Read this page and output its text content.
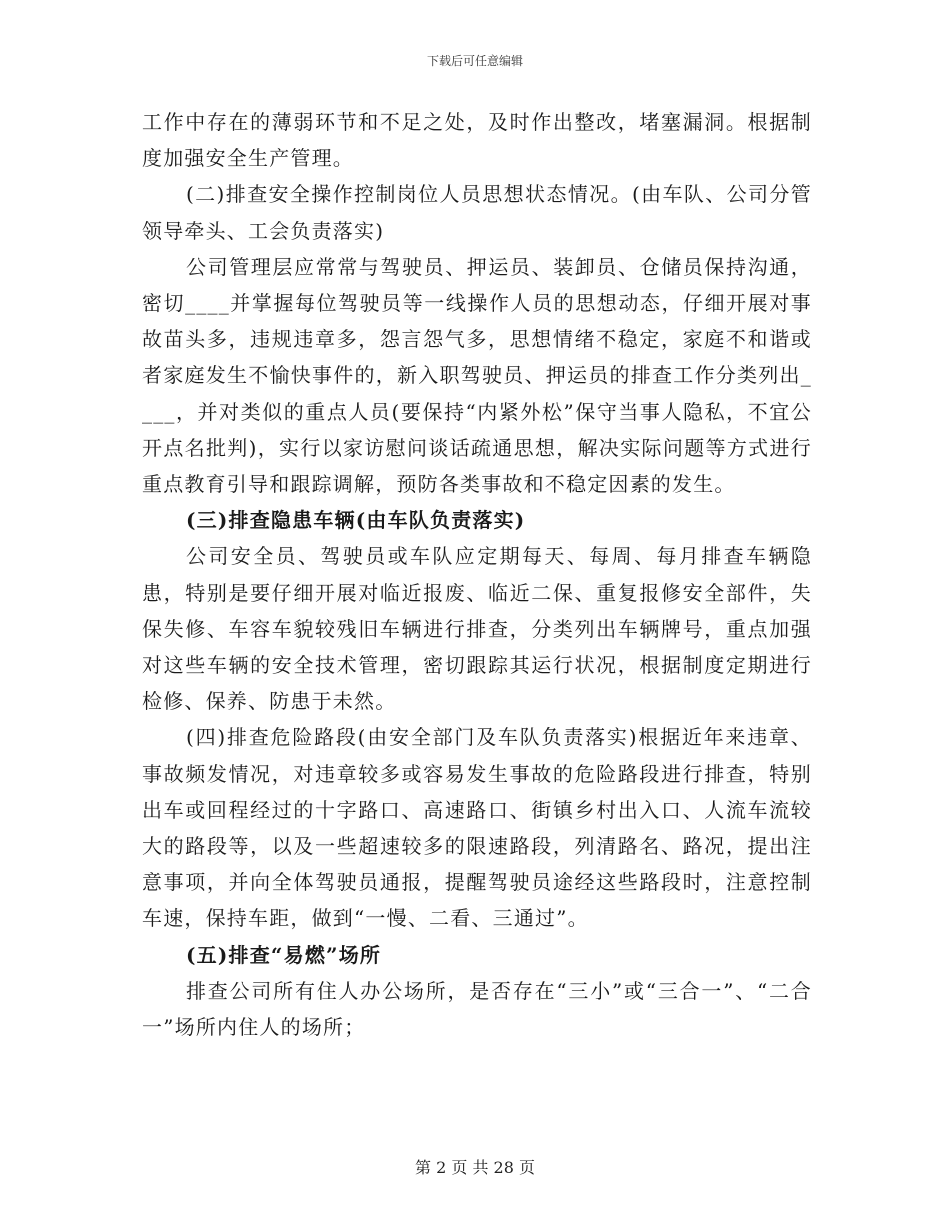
下载后可任意编辑

工作中存在的薄弱环节和不足之处，及时作出整改，堵塞漏洞。根据制度加强安全生产管理。

(二)排查安全操作控制岗位人员思想状态情况。(由车队、公司分管领导牵头、工会负责落实)

公司管理层应常常与驾驶员、押运员、装卸员、仓储员保持沟通，密切____并掌握每位驾驶员等一线操作人员的思想动态，仔细开展对事故苗头多，违规违章多，怨言怨气多，思想情绪不稳定，家庭不和谐或者家庭发生不愉快事件的，新入职驾驶员、押运员的排查工作分类列出____，并对类似的重点人员(要保持“内紧外松”保守当事人隐私，不宜公开点名批判)，实行以家访慰问谈话疏通思想，解决实际问题等方式进行重点教育引导和跟踪调解，预防各类事故和不稳定因素的发生。

(三)排查隐患车辆(由车队负责落实)

公司安全员、驾驶员或车队应定期每天、每周、每月排查车辆隐患，特别是要仔细开展对临近报废、临近二保、重复报修安全部件，失保失修、车容车貌较残旧车辆进行排查，分类列出车辆牌号，重点加强对这些车辆的安全技术管理，密切跟踪其运行状况，根据制度定期进行检修、保养、防患于未然。

(四)排查危险路段(由安全部门及车队负责落实)根据近年来违章、事故频发情况，对违章较多或容易发生事故的危险路段进行排查，特别出车或回程经过的十字路口、高速路口、街镇乡村出入口、人流车流较大的路段等，以及一些超速较多的限速路段，列清路名、路况，提出注意事项，并向全体驾驶员通报，提醒驾驶员途经这些路段时，注意控制车速，保持车距，做到“一慢、二看、三通过”。

(五)排查“易燃”场所

排查公司所有住人办公场所，是否存在“三小”或“三合一”、“二合一”场所内住人的场所；

第 2 页 共 28 页
